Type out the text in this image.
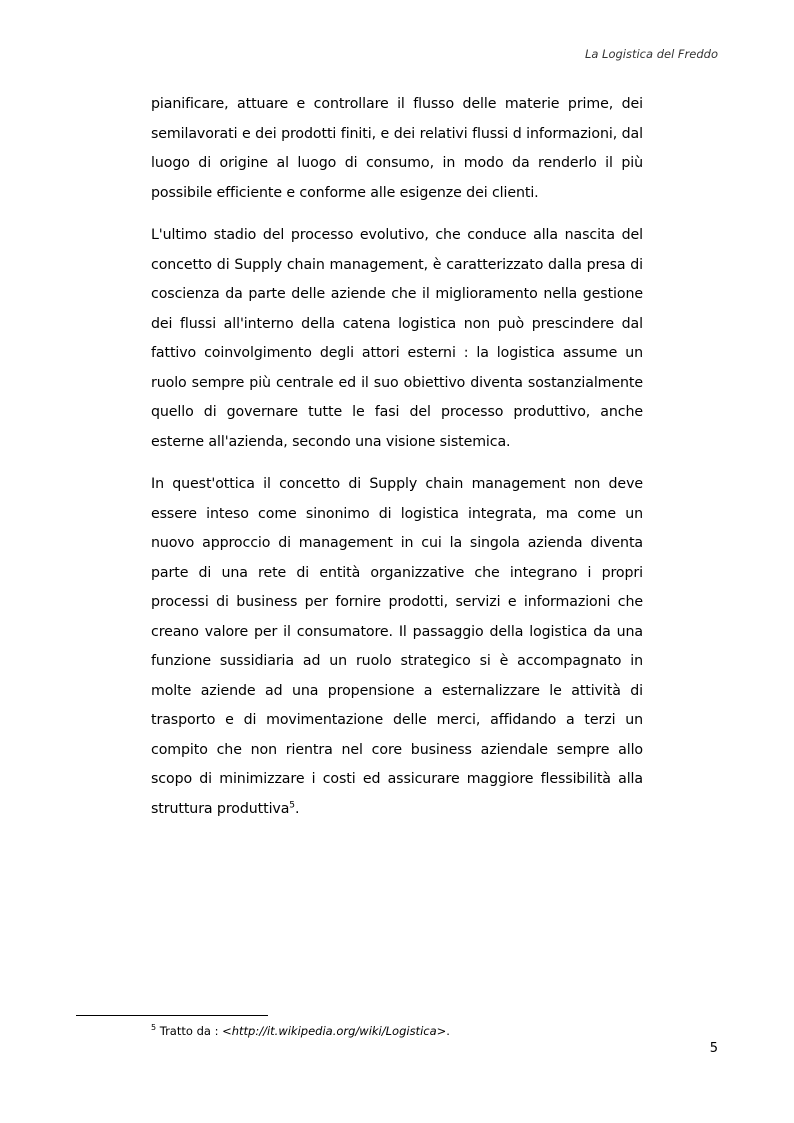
La Logistica del Freddo

pianificare, attuare e controllare il flusso delle materie prime, dei semilavorati e dei prodotti finiti, e dei relativi flussi d informazioni, dal luogo di origine al luogo di consumo, in modo da renderlo il più possibile efficiente e conforme alle esigenze dei clienti.

L'ultimo stadio del processo evolutivo, che conduce alla nascita del concetto di Supply chain management, è caratterizzato dalla presa di coscienza da parte delle aziende che il miglioramento nella gestione dei flussi all'interno della catena logistica non può prescindere dal fattivo coinvolgimento degli attori esterni : la logistica assume un ruolo sempre più centrale ed il suo obiettivo diventa sostanzialmente quello di governare tutte le fasi del processo produttivo, anche esterne all'azienda, secondo una visione sistemica.

In quest'ottica il concetto di Supply chain management non deve essere inteso come sinonimo di logistica integrata, ma come un nuovo approccio di management in cui la singola azienda diventa parte di una rete di entità organizzative che integrano i propri processi di business per fornire prodotti, servizi e informazioni che creano valore per il consumatore. Il passaggio della logistica da una funzione sussidiaria ad un ruolo strategico si è accompagnato in molte aziende ad una propensione a esternalizzare le attività di trasporto e di movimentazione delle merci, affidando a terzi un compito che non rientra nel core business aziendale sempre allo scopo di minimizzare i costi ed assicurare maggiore flessibilità alla struttura produttiva$^5$.

$^5$ Tratto da : <http://it.wikipedia.org/wiki/Logistica>.
5
